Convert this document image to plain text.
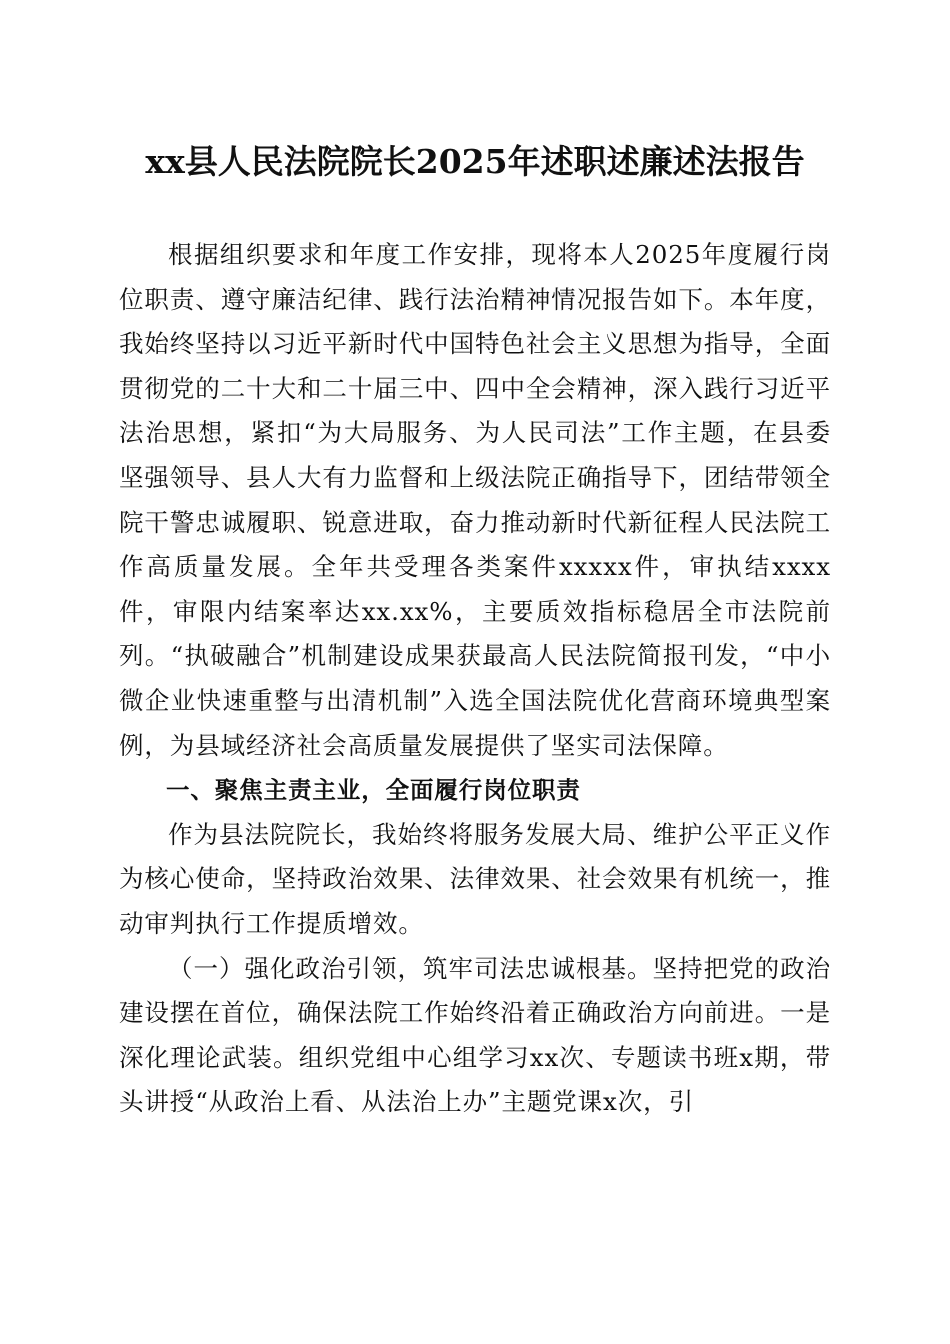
xx县人民法院院长2025年述职述廉述法报告

根据组织要求和年度工作安排，现将本人2025年度履行岗位职责、遵守廉洁纪律、践行法治精神情况报告如下。本年度，我始终坚持以习近平新时代中国特色社会主义思想为指导，全面贯彻党的二十大和二十届三中、四中全会精神，深入践行习近平法治思想，紧扣“为大局服务、为人民司法”工作主题，在县委坚强领导、县人大有力监督和上级法院正确指导下，团结带领全院干警忠诚履职、锐意进取，奋力推动新时代新征程人民法院工作高质量发展。全年共受理各类案件xxxxx件，审执结xxxx件，审限内结案率达xx.xx%，主要质效指标稳居全市法院前列。“执破融合”机制建设成果获最高人民法院简报刊发，“中小微企业快速重整与出清机制”入选全国法院优化营商环境典型案例，为县域经济社会高质量发展提供了坚实司法保障。

一、聚焦主责主业，全面履行岗位职责

作为县法院院长，我始终将服务发展大局、维护公平正义作为核心使命，坚持政治效果、法律效果、社会效果有机统一，推动审判执行工作提质增效。

（一）强化政治引领，筑牢司法忠诚根基。坚持把党的政治建设摆在首位，确保法院工作始终沿着正确政治方向前进。一是深化理论武装。组织党组中心组学习xx次、专题读书班x期，带头讲授“从政治上看、从法治上办”主题党课x次，引
